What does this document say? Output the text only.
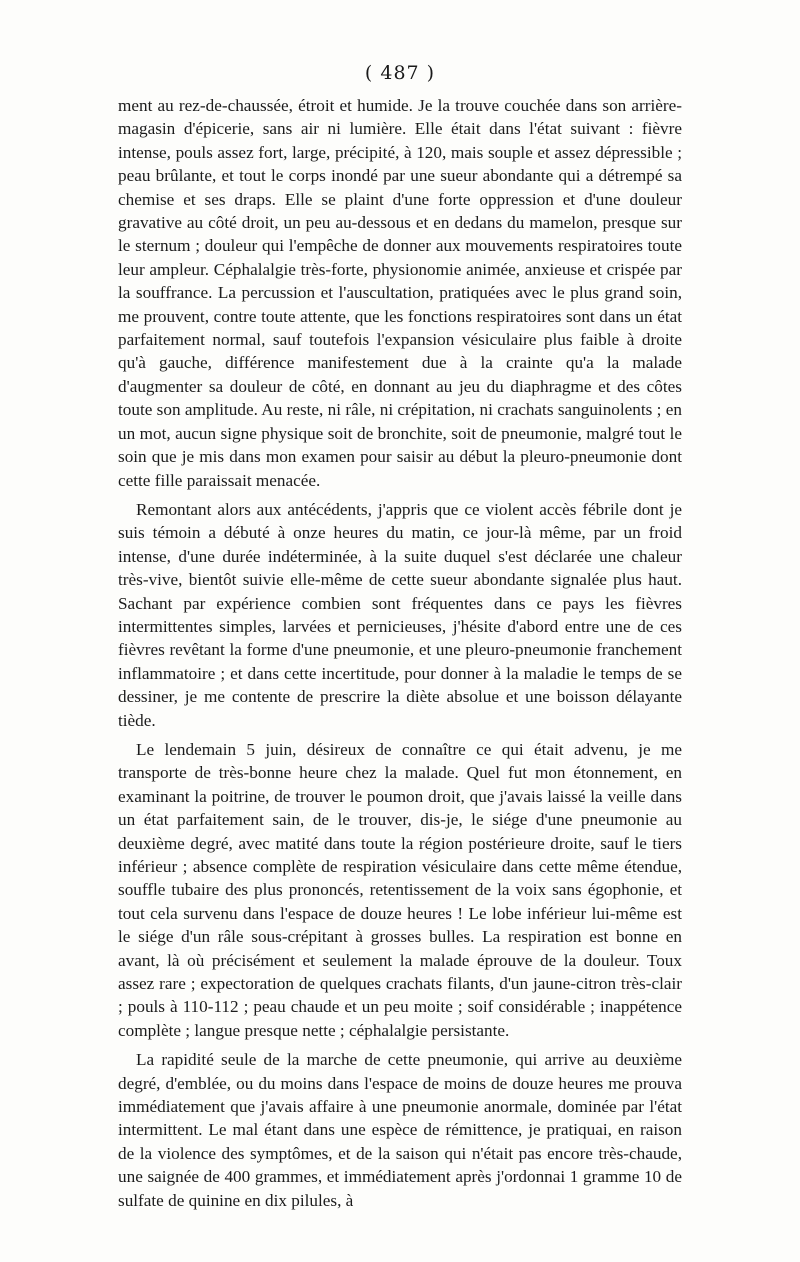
( 487 )

ment au rez-de-chaussée, étroit et humide. Je la trouve couchée dans son arrière-magasin d'épicerie, sans air ni lumière. Elle était dans l'état suivant : fièvre intense, pouls assez fort, large, précipité, à 120, mais souple et assez dépressible ; peau brûlante, et tout le corps inondé par une sueur abondante qui a détrempé sa chemise et ses draps. Elle se plaint d'une forte oppression et d'une douleur gravative au côté droit, un peu au-dessous et en dedans du mamelon, presque sur le sternum ; douleur qui l'empêche de donner aux mouvements respiratoires toute leur ampleur. Céphalalgie très-forte, physionomie animée, anxieuse et crispée par la souffrance. La percussion et l'auscultation, pratiquées avec le plus grand soin, me prouvent, contre toute attente, que les fonctions respiratoires sont dans un état parfaitement normal, sauf toutefois l'expansion vésiculaire plus faible à droite qu'à gauche, différence manifestement due à la crainte qu'a la malade d'augmenter sa douleur de côté, en donnant au jeu du diaphragme et des côtes toute son amplitude. Au reste, ni râle, ni crépitation, ni crachats sanguinolents ; en un mot, aucun signe physique soit de bronchite, soit de pneumonie, malgré tout le soin que je mis dans mon examen pour saisir au début la pleuro-pneumonie dont cette fille paraissait menacée.

Remontant alors aux antécédents, j'appris que ce violent accès fébrile dont je suis témoin a débuté à onze heures du matin, ce jour-là même, par un froid intense, d'une durée indéterminée, à la suite duquel s'est déclarée une chaleur très-vive, bientôt suivie elle-même de cette sueur abondante signalée plus haut. Sachant par expérience combien sont fréquentes dans ce pays les fièvres intermittentes simples, larvées et pernicieuses, j'hésite d'abord entre une de ces fièvres revêtant la forme d'une pneumonie, et une pleuro-pneumonie franchement inflammatoire ; et dans cette incertitude, pour donner à la maladie le temps de se dessiner, je me contente de prescrire la diète absolue et une boisson délayante tiède.

Le lendemain 5 juin, désireux de connaître ce qui était advenu, je me transporte de très-bonne heure chez la malade. Quel fut mon étonnement, en examinant la poitrine, de trouver le poumon droit, que j'avais laissé la veille dans un état parfaitement sain, de le trouver, dis-je, le siége d'une pneumonie au deuxième degré, avec matité dans toute la région postérieure droite, sauf le tiers inférieur ; absence complète de respiration vésiculaire dans cette même étendue, souffle tubaire des plus prononcés, retentissement de la voix sans égophonie, et tout cela survenu dans l'espace de douze heures ! Le lobe inférieur lui-même est le siége d'un râle sous-crépitant à grosses bulles. La respiration est bonne en avant, là où précisément et seulement la malade éprouve de la douleur. Toux assez rare ; expectoration de quelques crachats filants, d'un jaune-citron très-clair ; pouls à 110-112 ; peau chaude et un peu moite ; soif considérable ; inappétence complète ; langue presque nette ; céphalalgie persistante.

La rapidité seule de la marche de cette pneumonie, qui arrive au deuxième degré, d'emblée, ou du moins dans l'espace de moins de douze heures me prouva immédiatement que j'avais affaire à une pneumonie anormale, dominée par l'état intermittent. Le mal étant dans une espèce de rémittence, je pratiquai, en raison de la violence des symptômes, et de la saison qui n'était pas encore très-chaude, une saignée de 400 grammes, et immédiatement après j'ordonnai 1 gramme 10 de sulfate de quinine en dix pilules, à
